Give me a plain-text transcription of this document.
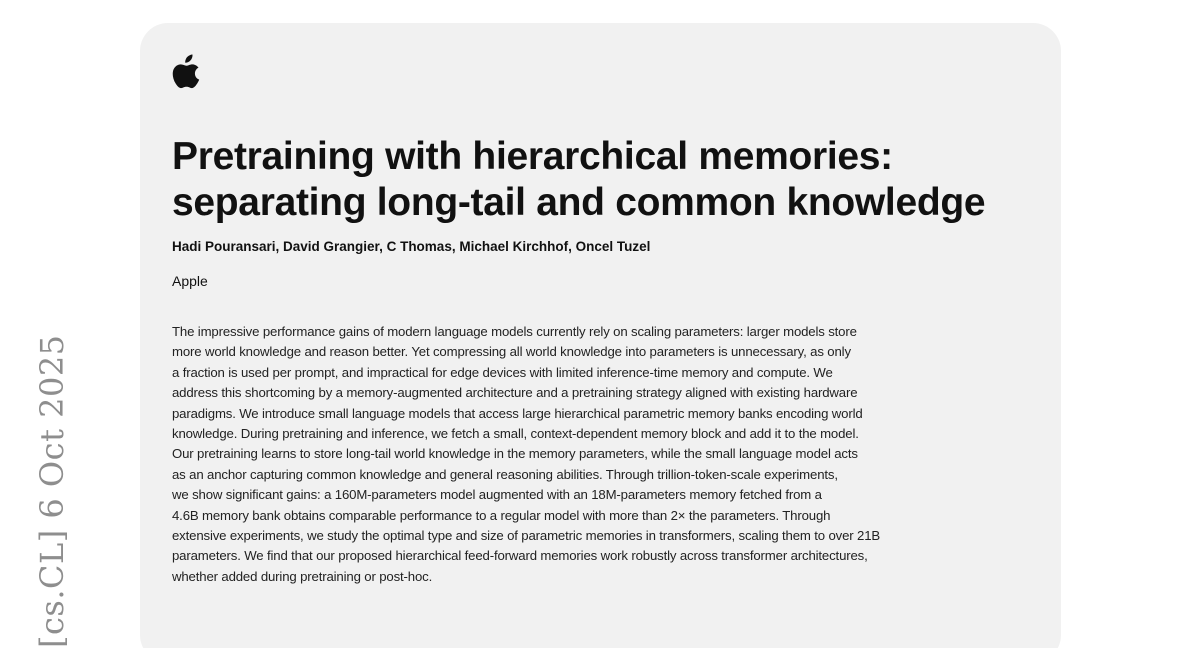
[cs.CL] 6 Oct 2025
Pretraining with hierarchical memories:
separating long-tail and common knowledge
Hadi Pouransari, David Grangier, C Thomas, Michael Kirchhof, Oncel Tuzel
Apple

The impressive performance gains of modern language models currently rely on scaling parameters: larger models store
more world knowledge and reason better. Yet compressing all world knowledge into parameters is unnecessary, as only
a fraction is used per prompt, and impractical for edge devices with limited inference-time memory and compute. We
address this shortcoming by a memory-augmented architecture and a pretraining strategy aligned with existing hardware
paradigms. We introduce small language models that access large hierarchical parametric memory banks encoding world
knowledge. During pretraining and inference, we fetch a small, context-dependent memory block and add it to the model.
Our pretraining learns to store long-tail world knowledge in the memory parameters, while the small language model acts
as an anchor capturing common knowledge and general reasoning abilities. Through trillion-token-scale experiments,
we show significant gains: a 160M-parameters model augmented with an 18M-parameters memory fetched from a
4.6B memory bank obtains comparable performance to a regular model with more than 2× the parameters. Through
extensive experiments, we study the optimal type and size of parametric memories in transformers, scaling them to over 21B
parameters. We find that our proposed hierarchical feed-forward memories work robustly across transformer architectures,
whether added during pretraining or post-hoc.
